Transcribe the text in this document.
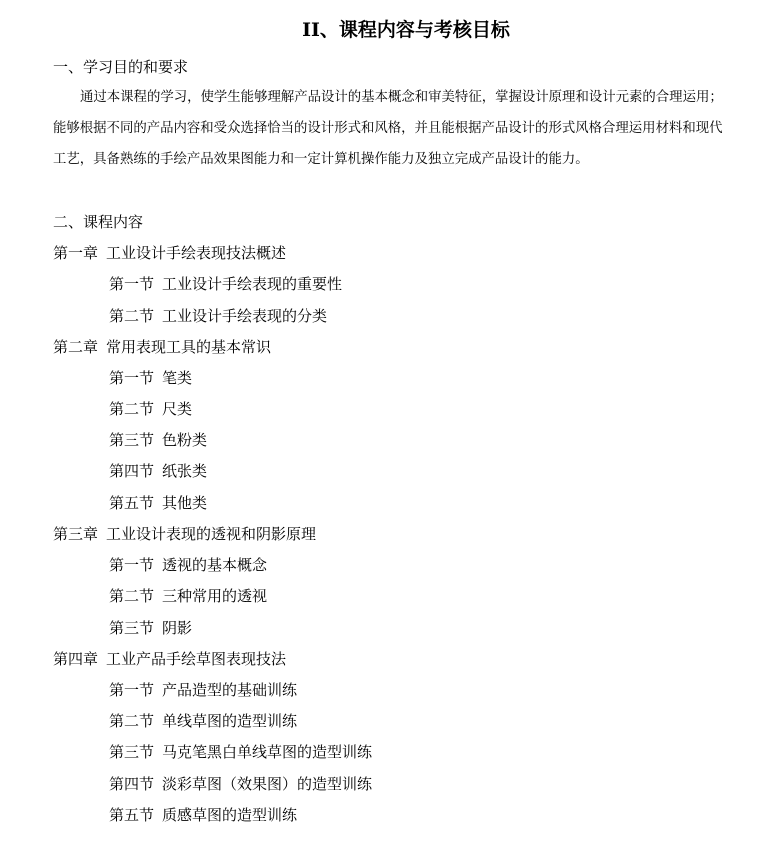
II、课程内容与考核目标
一、学习目的和要求
通过本课程的学习，使学生能够理解产品设计的基本概念和审美特征，掌握设计原理和设计元素的合理运用；
能够根据不同的产品内容和受众选择恰当的设计形式和风格，并且能根据产品设计的形式风格合理运用材料和现代
工艺，具备熟练的手绘产品效果图能力和一定计算机操作能力及独立完成产品设计的能力。
二、课程内容
第一章 工业设计手绘表现技法概述
第一节 工业设计手绘表现的重要性
第二节 工业设计手绘表现的分类
第二章 常用表现工具的基本常识
第一节 笔类
第二节 尺类
第三节 色粉类
第四节 纸张类
第五节 其他类
第三章 工业设计表现的透视和阴影原理
第一节 透视的基本概念
第二节 三种常用的透视
第三节 阴影
第四章 工业产品手绘草图表现技法
第一节 产品造型的基础训练
第二节 单线草图的造型训练
第三节 马克笔黑白单线草图的造型训练
第四节 淡彩草图（效果图）的造型训练
第五节 质感草图的造型训练
